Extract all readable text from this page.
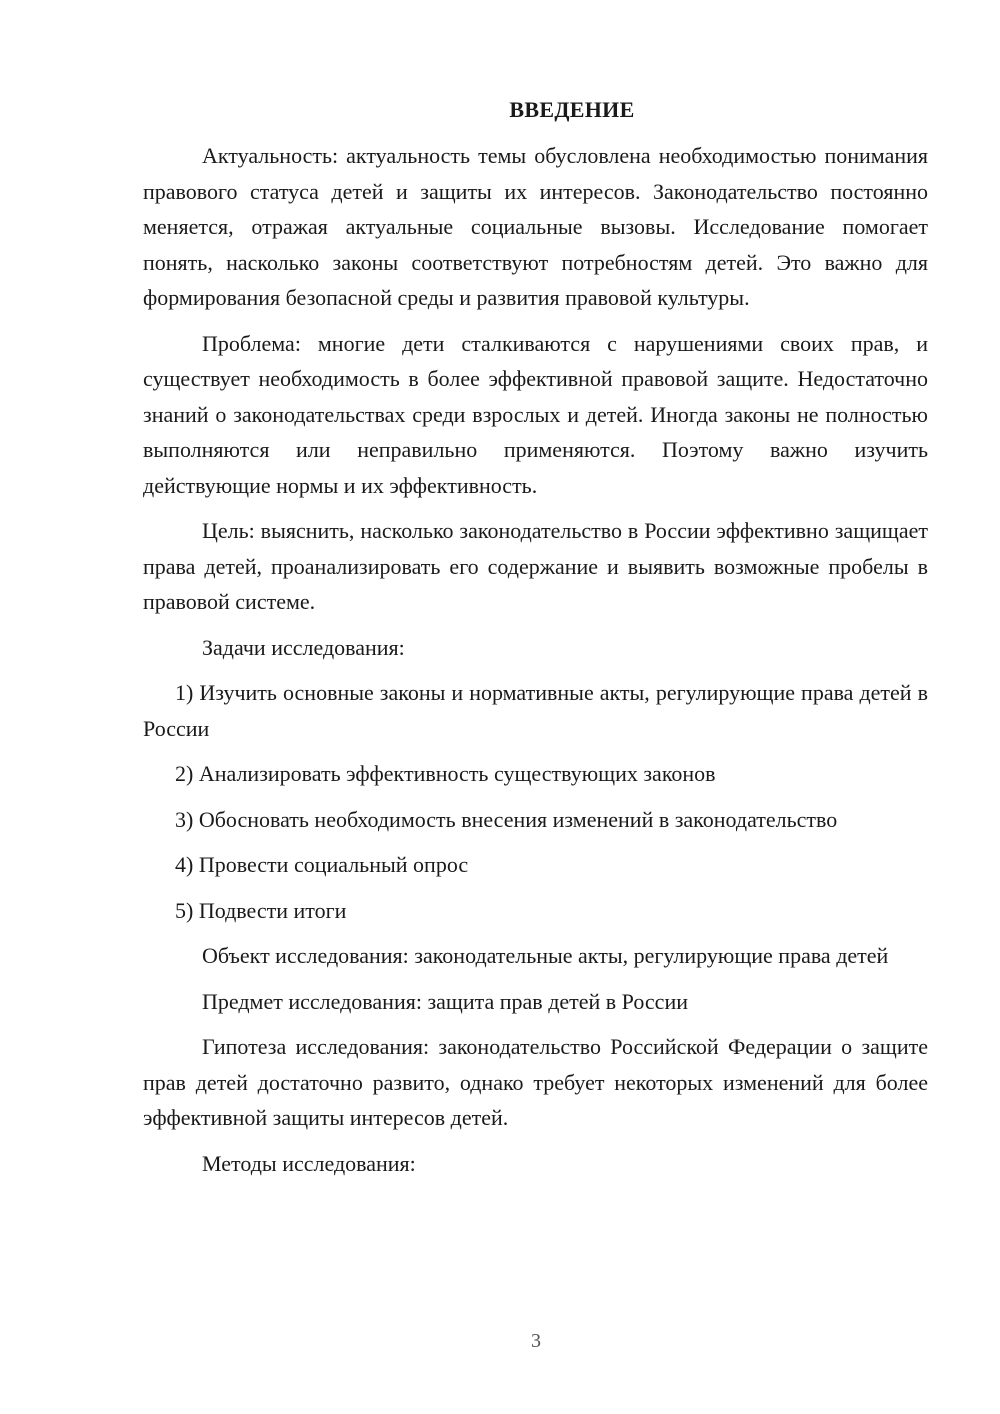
ВВЕДЕНИЕ

Актуальность: актуальность темы обусловлена необходимостью понимания правового статуса детей и защиты их интересов. Законодательство постоянно меняется, отражая актуальные социальные вызовы. Исследование помогает понять, насколько законы соответствуют потребностям детей. Это важно для формирования безопасной среды и развития правовой культуры.

Проблема: многие дети сталкиваются с нарушениями своих прав, и существует необходимость в более эффективной правовой защите. Недостаточно знаний о законодательствах среди взрослых и детей. Иногда законы не полностью выполняются или неправильно применяются. Поэтому важно изучить действующие нормы и их эффективность.

Цель: выяснить, насколько законодательство в России эффективно защищает права детей, проанализировать его содержание и выявить возможные пробелы в правовой системе.

Задачи исследования:

1) Изучить основные законы и нормативные акты, регулирующие права детей в России

2) Анализировать эффективность существующих законов

3) Обосновать необходимость внесения изменений в законодательство

4) Провести социальный опрос

5) Подвести итоги

Объект исследования: законодательные акты, регулирующие права детей

Предмет исследования: защита прав детей в России

Гипотеза исследования: законодательство Российской Федерации о защите прав детей достаточно развито, однако требует некоторых изменений для более эффективной защиты интересов детей.

Методы исследования:

3
